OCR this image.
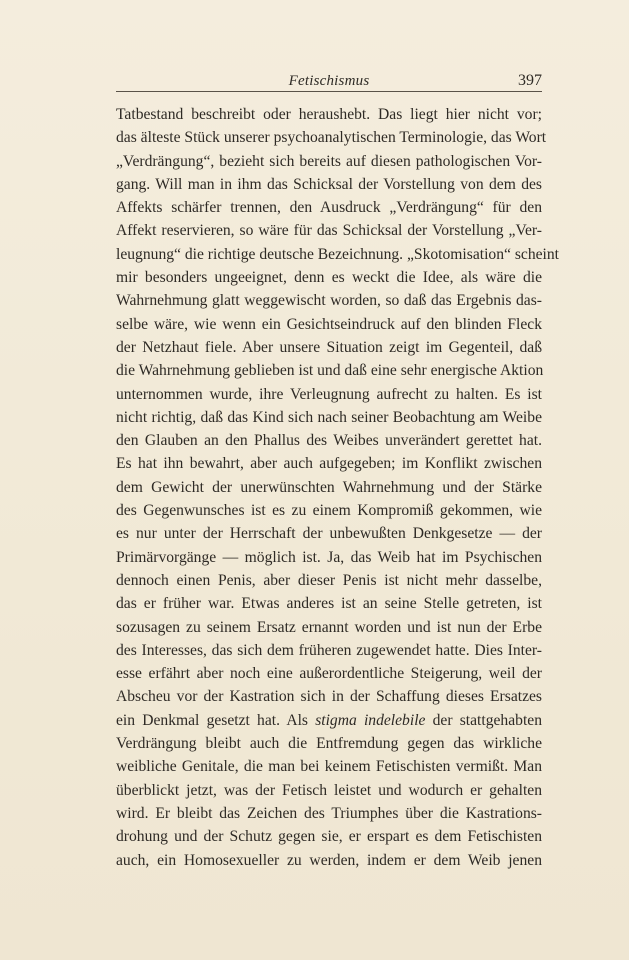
Fetischismus	397
Tatbestand beschreibt oder heraushebt. Das liegt hier nicht vor;
das älteste Stück unserer psychoanalytischen Terminologie, das Wort
„Verdrängung“, bezieht sich bereits auf diesen pathologischen Vor-
gang. Will man in ihm das Schicksal der Vorstellung von dem des
Affekts schärfer trennen, den Ausdruck „Verdrängung“ für den
Affekt reservieren, so wäre für das Schicksal der Vorstellung „Ver-
leugnung“ die richtige deutsche Bezeichnung. „Skotomisation“ scheint
mir besonders ungeeignet, denn es weckt die Idee, als wäre die
Wahrnehmung glatt weggewischt worden, so daß das Ergebnis das-
selbe wäre, wie wenn ein Gesichtseindruck auf den blinden Fleck
der Netzhaut fiele. Aber unsere Situation zeigt im Gegenteil, daß
die Wahrnehmung geblieben ist und daß eine sehr energische Aktion
unternommen wurde, ihre Verleugnung aufrecht zu halten. Es ist
nicht richtig, daß das Kind sich nach seiner Beobachtung am Weibe
den Glauben an den Phallus des Weibes unverändert gerettet hat.
Es hat ihn bewahrt, aber auch aufgegeben; im Konflikt zwischen
dem Gewicht der unerwünschten Wahrnehmung und der Stärke
des Gegenwunsches ist es zu einem Kompromiß gekommen, wie
es nur unter der Herrschaft der unbewußten Denkgesetze — der
Primärvorgänge — möglich ist. Ja, das Weib hat im Psychischen
dennoch einen Penis, aber dieser Penis ist nicht mehr dasselbe,
das er früher war. Etwas anderes ist an seine Stelle getreten, ist
sozusagen zu seinem Ersatz ernannt worden und ist nun der Erbe
des Interesses, das sich dem früheren zugewendet hatte. Dies Inter-
esse erfährt aber noch eine außerordentliche Steigerung, weil der
Abscheu vor der Kastration sich in der Schaffung dieses Ersatzes
ein Denkmal gesetzt hat. Als stigma indelebile der stattgehabten
Verdrängung bleibt auch die Entfremdung gegen das wirkliche
weibliche Genitale, die man bei keinem Fetischisten vermißt. Man
überblickt jetzt, was der Fetisch leistet und wodurch er gehalten
wird. Er bleibt das Zeichen des Triumphes über die Kastrations-
drohung und der Schutz gegen sie, er erspart es dem Fetischisten
auch, ein Homosexueller zu werden, indem er dem Weib jenen
